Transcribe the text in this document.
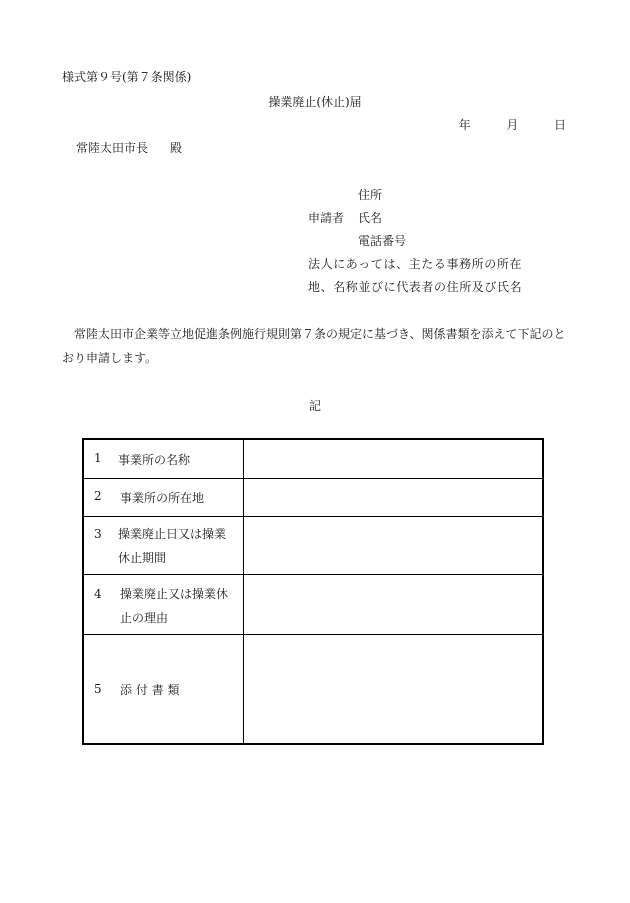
様式第９号(第７条関係)
操業廃止(休止)届
年	月	日
常陸太田市長 殿
住所
申請者 氏名
電話番号
法人にあっては、主たる事務所の所在
地、名称並びに代表者の住所及び氏名
常陸太田市企業等立地促進条例施行規則第７条の規定に基づき、関係書類を添えて下記のとおり申請します。
記
1 事業所の名称
2 事業所の所在地
3 操業廃止日又は操業
休止期間
4 操業廃止又は操業休
止の理由
5 添 付 書 類
